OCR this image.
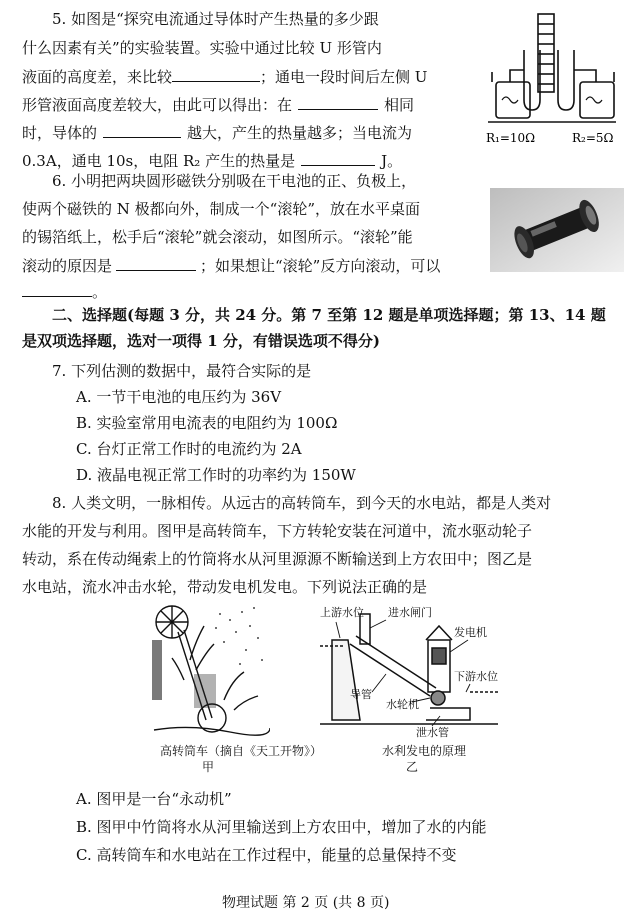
5. 如图是“探究电流通过导体时产生热量的多少跟
什么因素有关”的实验装置。实验中通过比较 U 形管内
液面的高度差，来比较	；通电一段时间后左侧 U
形管液面高度差较大，由此可以得出：在	相同
时，导体的	越大，产生的热量越多；当电流为
0.3A，通电 10s，电阻 R₂ 产生的热量是	J。
R₁=10Ω	R₂=5Ω
6. 小明把两块圆形磁铁分别吸在干电池的正、负极上，
使两个磁铁的 N 极都向外，制成一个“滚轮”，放在水平桌面
的锡箔纸上，松手后“滚轮”就会滚动，如图所示。“滚轮”能
滚动的原因是	；如果想让“滚轮”反方向滚动，可以
。
二、选择题(每题 3 分，共 24 分。第 7 至第 12 题是单项选择题；第 13、14 题
是双项选择题，选对一项得 1 分，有错误选项不得分)
7. 下列估测的数据中，最符合实际的是
A. 一节干电池的电压约为 36V
B. 实验室常用电流表的电阻约为 100Ω
C. 台灯正常工作时的电流约为 2A
D. 液晶电视正常工作时的功率约为 150W
8. 人类文明，一脉相传。从远古的高转筒车，到今天的水电站，都是人类对
水能的开发与利用。图甲是高转筒车，下方转轮安装在河道中，流水驱动轮子
转动，系在传动绳索上的竹筒将水从河里源源不断输送到上方农田中；图乙是
水电站，流水冲击水轮，带动发电机发电。下列说法正确的是
高转筒车（摘自《天工开物》）
甲
上游水位 进水闸门
发电机
导管
下游水位
水轮机
泄水管
水利发电的原理
乙
A. 图甲是一台“永动机”
B. 图甲中竹筒将水从河里输送到上方农田中，增加了水的内能
C. 高转筒车和水电站在工作过程中，能量的总量保持不变
物理试题 第 2 页 (共 8 页)
